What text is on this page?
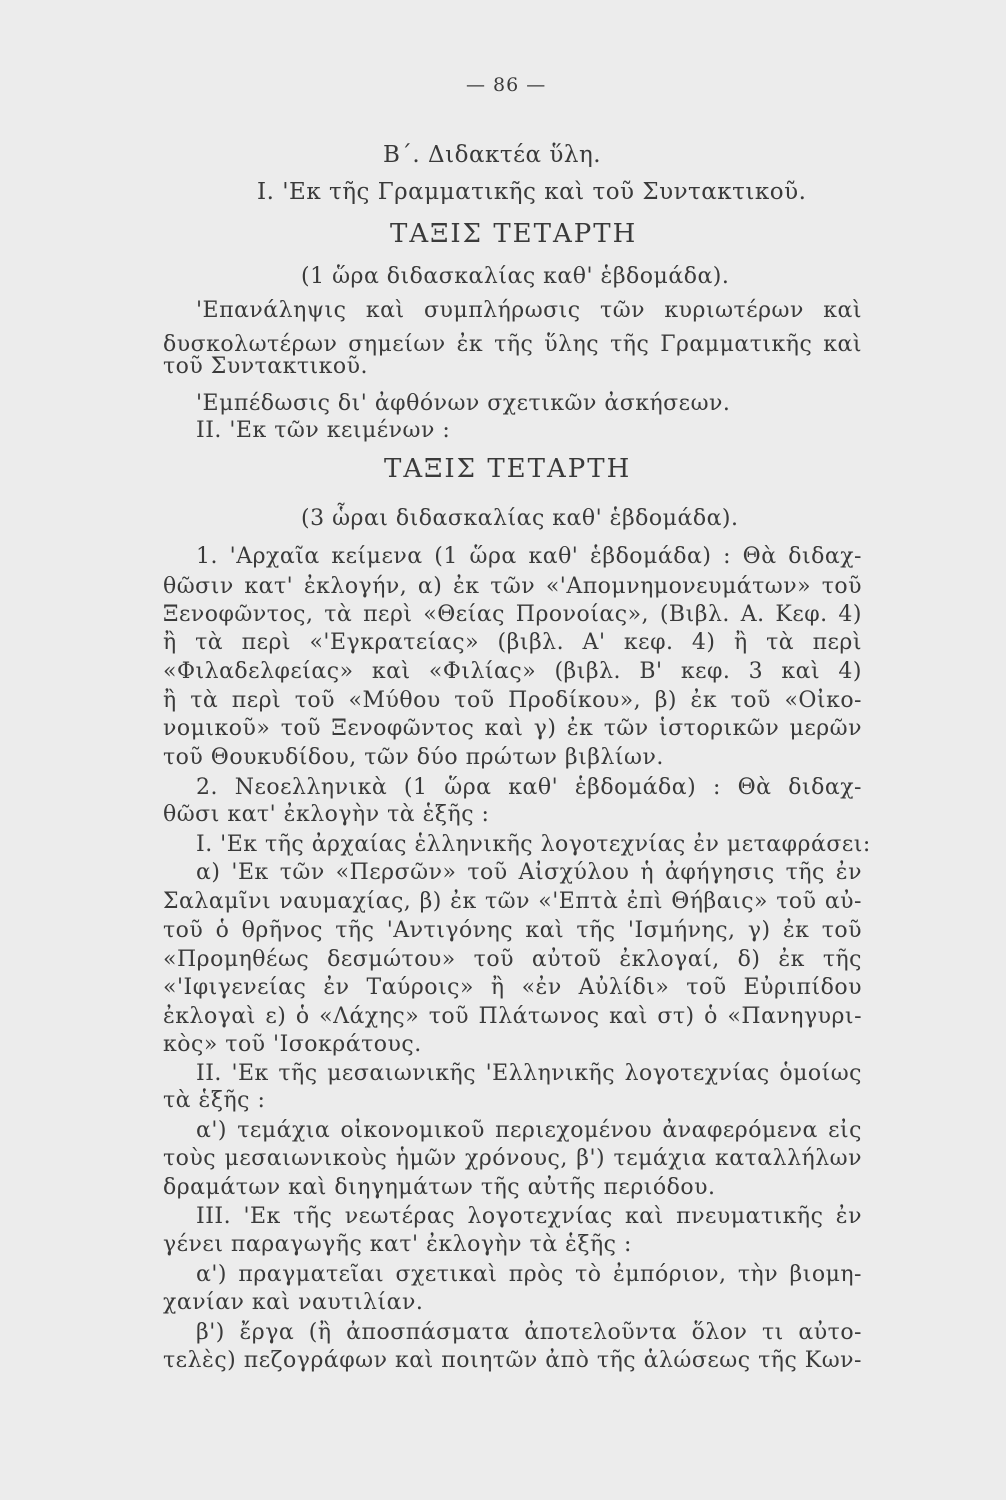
— 86 —
Β΄. Διδακτέα ὕλη.
Ι. 'Εκ τῆς Γραμματικῆς καὶ τοῦ Συντακτικοῦ.
ΤΑΞΙΣ ΤΕΤΑΡΤΗ
(1 ὥρα διδασκαλίας καθ' ἑβδομάδα).
'Επανάληψις καὶ συμπλήρωσις τῶν κυριωτέρων καὶ
δυσκολωτέρων σημείων ἐκ τῆς ὕλης τῆς Γραμματικῆς καὶ
τοῦ Συντακτικοῦ.
'Εμπέδωσις δι' ἀφθόνων σχετικῶν ἀσκήσεων.
ΙΙ. 'Εκ τῶν κειμένων :
ΤΑΞΙΣ ΤΕΤΑΡΤΗ
(3 ὧραι διδασκαλίας καθ' ἑβδομάδα).
1. 'Αρχαῖα κείμενα (1 ὥρα καθ' ἑβδομάδα) : Θὰ διδαχ-
θῶσιν κατ' ἐκλογήν, α) ἐκ τῶν «'Απομνημονευμάτων» τοῦ
Ξενοφῶντος, τὰ περὶ «Θείας Προνοίας», (Βιβλ. Α. Κεφ. 4)
ἢ τὰ περὶ «'Εγκρατείας» (βιβλ. Α' κεφ. 4) ἢ τὰ περὶ
«Φιλαδελφείας» καὶ «Φιλίας» (βιβλ. Β' κεφ. 3 καὶ 4)
ἢ τὰ περὶ τοῦ «Μύθου τοῦ Προδίκου», β) ἐκ τοῦ «Οἰκο-
νομικοῦ» τοῦ Ξενοφῶντος καὶ γ) ἐκ τῶν ἱστορικῶν μερῶν
τοῦ Θουκυδίδου, τῶν δύο πρώτων βιβλίων.
2. Νεοελληνικὰ (1 ὥρα καθ' ἑβδομάδα) : Θὰ διδαχ-
θῶσι κατ' ἐκλογὴν τὰ ἑξῆς :
Ι. 'Εκ τῆς ἀρχαίας ἑλληνικῆς λογοτεχνίας ἐν μεταφράσει:
α) 'Εκ τῶν «Περσῶν» τοῦ Αἰσχύλου ἡ ἀφήγησις τῆς ἐν
Σαλαμῖνι ναυμαχίας, β) ἐκ τῶν «'Επτὰ ἐπὶ Θήβαις» τοῦ αὐ-
τοῦ ὁ θρῆνος τῆς 'Αντιγόνης καὶ τῆς 'Ισμήνης, γ) ἐκ τοῦ
«Προμηθέως δεσμώτου» τοῦ αὐτοῦ ἐκλογαί, δ) ἐκ τῆς
«'Ιφιγενείας ἐν Ταύροις» ἢ «ἐν Αὐλίδι» τοῦ Εὐριπίδου
ἐκλογαὶ ε) ὁ «Λάχης» τοῦ Πλάτωνος καὶ στ) ὁ «Πανηγυρι-
κὸς» τοῦ 'Ισοκράτους.
ΙΙ. 'Εκ τῆς μεσαιωνικῆς 'Ελληνικῆς λογοτεχνίας ὁμοίως
τὰ ἑξῆς :
α') τεμάχια οἰκονομικοῦ περιεχομένου ἀναφερόμενα εἰς
τοὺς μεσαιωνικοὺς ἡμῶν χρόνους, β') τεμάχια καταλλήλων
δραμάτων καὶ διηγημάτων τῆς αὐτῆς περιόδου.
ΙΙΙ. 'Εκ τῆς νεωτέρας λογοτεχνίας καὶ πνευματικῆς ἐν
γένει παραγωγῆς κατ' ἐκλογὴν τὰ ἑξῆς :
α') πραγματεῖαι σχετικαὶ πρὸς τὸ ἐμπόριον, τὴν βιομη-
χανίαν καὶ ναυτιλίαν.
β') ἔργα (ἢ ἀποσπάσματα ἀποτελοῦντα ὅλον τι αὐτο-
τελὲς) πεζογράφων καὶ ποιητῶν ἀπὸ τῆς ἁλώσεως τῆς Κων-
